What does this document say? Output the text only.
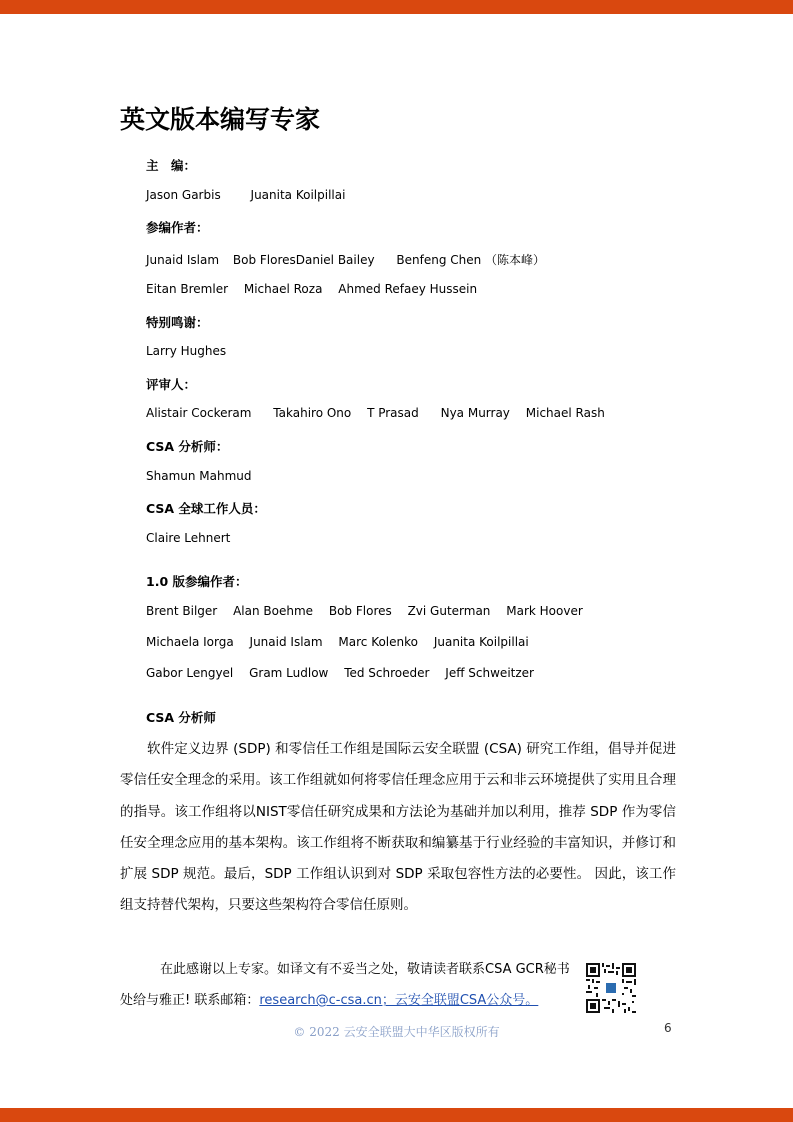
英文版本编写专家
主　编：
Jason Garbis Juanita Koilpillai
参编作者：
Junaid Islam Bob FloresDaniel Bailey Benfeng Chen （陈本峰）
Eitan Bremler Michael Roza Ahmed Refaey Hussein
特别鸣谢：
Larry Hughes
评审人：
Alistair Cockeram Takahiro Ono T Prasad Nya Murray Michael Rash
CSA 分析师：
Shamun Mahmud
CSA 全球工作人员：
Claire Lehnert
1.0 版参编作者：
Brent Bilger Alan Boehme Bob Flores Zvi Guterman Mark Hoover
Michaela Iorga Junaid Islam Marc Kolenko Juanita Koilpillai
Gabor Lengyel Gram Ludlow Ted Schroeder Jeff Schweitzer
CSA 分析师
软件定义边界 (SDP) 和零信任工作组是国际云安全联盟 (CSA) 研究工作组，倡导并促进零信任安全理念的采用。该工作组就如何将零信任理念应用于云和非云环境提供了实用且合理的指导。该工作组将以NIST零信任研究成果和方法论为基础并加以利用，推荐 SDP 作为零信任安全理念应用的基本架构。该工作组将不断获取和编纂基于行业经验的丰富知识，并修订和扩展 SDP 规范。最后，SDP 工作组认识到对 SDP 采取包容性方法的必要性。 因此，该工作组支持替代架构，只要这些架构符合零信任原则。
在此感谢以上专家。如译文有不妥当之处，敬请读者联系CSA GCR秘书处给与雅正! 联系邮箱：research@c-csa.cn；云安全联盟CSA公众号。
© 2022 云安全联盟大中华区版权所有	6
